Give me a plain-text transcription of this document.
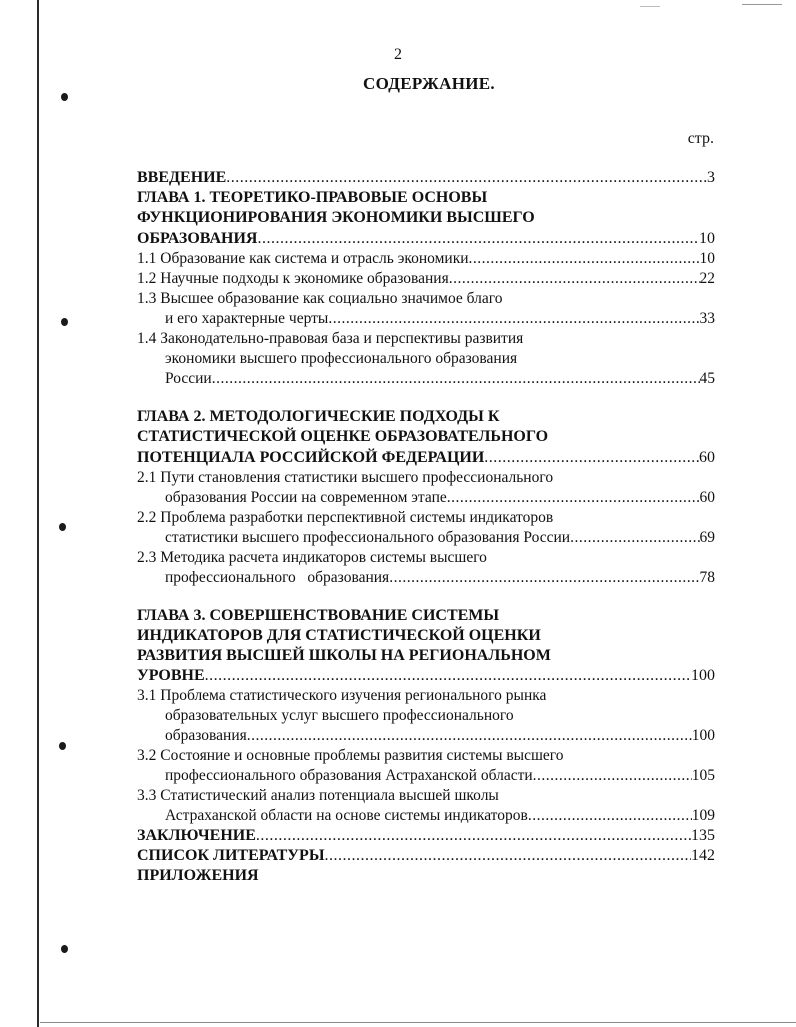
2
СОДЕРЖАНИЕ.
стр.
ВВЕДЕНИЕ .....	3
ГЛАВА 1. ТЕОРЕТИКО-ПРАВОВЫЕ ОСНОВЫ
ФУНКЦИОНИРОВАНИЯ ЭКОНОМИКИ ВЫСШЕГО
ОБРАЗОВАНИЯ .....	10
1.1 Образование как система и отрасль экономики .....	10
1.2 Научные подходы к экономике образования .....	22
1.3 Высшее образование как социально значимое благо
и его характерные черты .....	33
1.4 Законодательно-правовая база и перспективы развития
экономики высшего профессионального образования
России .....	45
ГЛАВА 2. МЕТОДОЛОГИЧЕСКИЕ ПОДХОДЫ К
СТАТИСТИЧЕСКОЙ ОЦЕНКЕ ОБРАЗОВАТЕЛЬНОГО
ПОТЕНЦИАЛА РОССИЙСКОЙ ФЕДЕРАЦИИ .....	60
2.1 Пути становления статистики высшего профессионального
образования России на современном этапе .....	60
2.2 Проблема разработки перспективной системы индикаторов
статистики высшего профессионального образования России .....	69
2.3 Методика расчета индикаторов системы высшего
профессионального   образования .....	78
ГЛАВА 3. СОВЕРШЕНСТВОВАНИЕ СИСТЕМЫ
ИНДИКАТОРОВ ДЛЯ СТАТИСТИЧЕСКОЙ ОЦЕНКИ
РАЗВИТИЯ ВЫСШЕЙ ШКОЛЫ НА РЕГИОНАЛЬНОМ
УРОВНЕ .....	100
3.1 Проблема статистического изучения регионального рынка
образовательных услуг высшего профессионального
образования .....	100
3.2 Состояние и основные проблемы развития системы высшего
профессионального образования Астраханской области .....	105
3.3 Статистический анализ потенциала высшей школы
Астраханской области на основе системы индикаторов .....	109
ЗАКЛЮЧЕНИЕ .....	135
СПИСОК ЛИТЕРАТУРЫ .....	142
ПРИЛОЖЕНИЯ
